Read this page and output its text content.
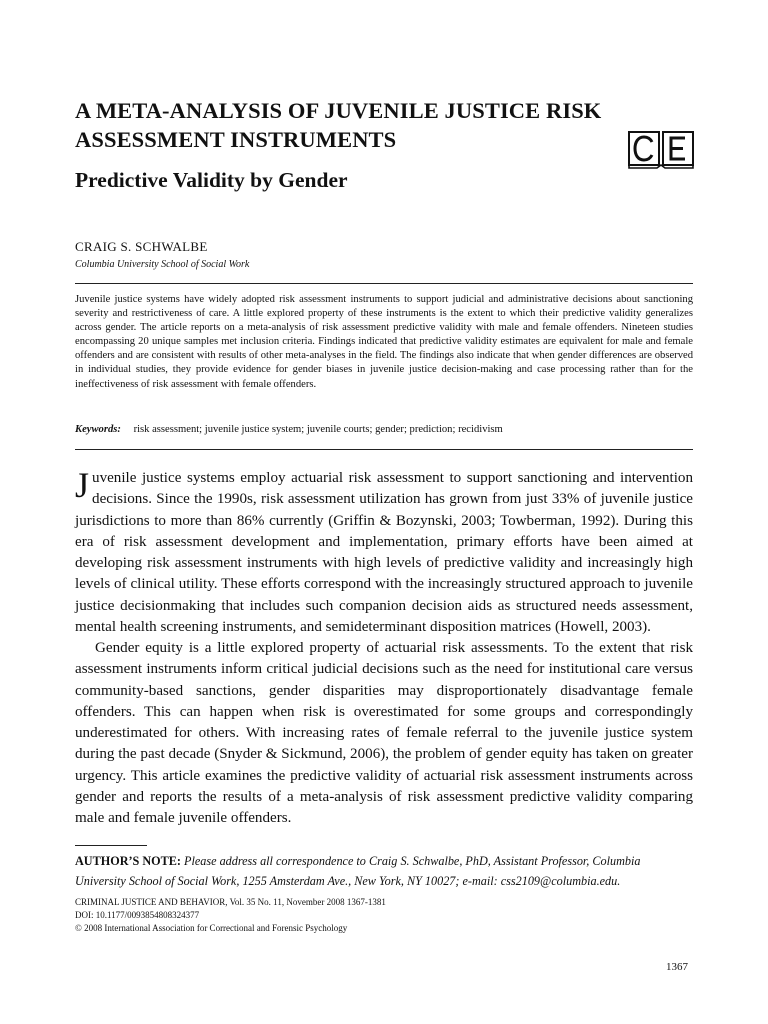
A META-ANALYSIS OF JUVENILE JUSTICE RISK ASSESSMENT INSTRUMENTS
Predictive Validity by Gender
CRAIG S. SCHWALBE
Columbia University School of Social Work

Juvenile justice systems have widely adopted risk assessment instruments to support judicial and administrative decisions about sanctioning severity and restrictiveness of care. A little explored property of these instruments is the extent to which their predictive validity generalizes across gender. The article reports on a meta-analysis of risk assessment predictive validity with male and female offenders. Nineteen studies encompassing 20 unique samples met inclusion criteria. Findings indicated that predictive validity estimates are equivalent for male and female offenders and are consistent with results of other meta-analyses in the field. The findings also indicate that when gender differences are observed in individual studies, they provide evidence for gender biases in juvenile justice decision-making and case processing rather than for the ineffectiveness of risk assessment with female offenders.

Keywords: risk assessment; juvenile justice system; juvenile courts; gender; prediction; recidivism

Juvenile justice systems employ actuarial risk assessment to support sanctioning and intervention decisions. Since the 1990s, risk assessment utilization has grown from just 33% of juvenile justice jurisdictions to more than 86% currently (Griffin & Bozynski, 2003; Towberman, 1992). During this era of risk assessment development and implementation, primary efforts have been aimed at developing risk assessment instruments with high levels of predictive validity and increasingly high levels of clinical utility. These efforts correspond with the increasingly structured approach to juvenile justice decisionmaking that includes such companion decision aids as structured needs assessment, mental health screening instruments, and semideterminant disposition matrices (Howell, 2003).

Gender equity is a little explored property of actuarial risk assessments. To the extent that risk assessment instruments inform critical judicial decisions such as the need for institutional care versus community-based sanctions, gender disparities may disproportionately disadvantage female offenders. This can happen when risk is overestimated for some groups and correspondingly underestimated for others. With increasing rates of female referral to the juvenile justice system during the past decade (Snyder & Sickmund, 2006), the problem of gender equity has taken on greater urgency. This article examines the predictive validity of actuarial risk assessment instruments across gender and reports the results of a meta-analysis of risk assessment predictive validity comparing male and female juvenile offenders.

AUTHOR’S NOTE: Please address all correspondence to Craig S. Schwalbe, PhD, Assistant Professor, Columbia University School of Social Work, 1255 Amsterdam Ave., New York, NY 10027; e-mail: css2109@columbia.edu.

CRIMINAL JUSTICE AND BEHAVIOR, Vol. 35 No. 11, November 2008 1367-1381
DOI: 10.1177/0093854808324377
© 2008 International Association for Correctional and Forensic Psychology
1367
